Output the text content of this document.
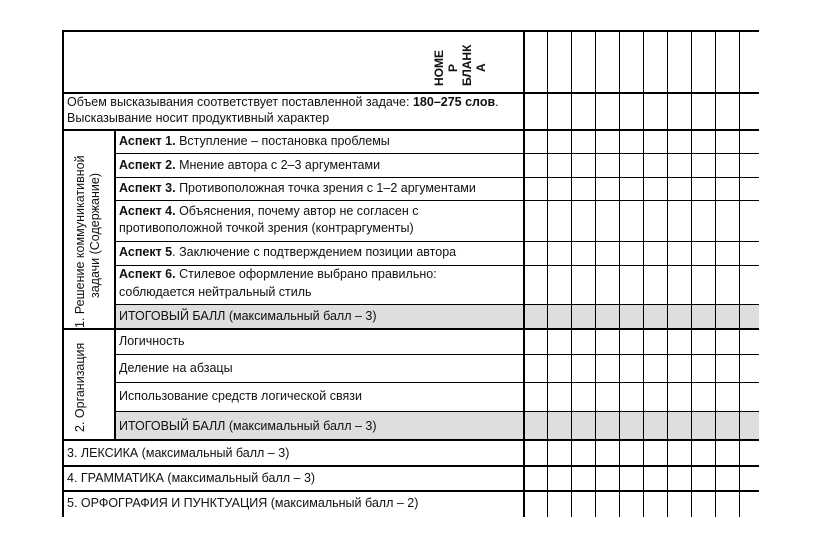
НОМЕ Р БЛАНК А
Объем высказывания соответствует поставленной задаче: 180–275 слов.
Высказывание носит продуктивный характер
1. Решение коммуникативной задачи (Содержание)
Аспект 1. Вступление – постановка проблемы
Аспект 2. Мнение автора с 2–3 аргументами
Аспект 3. Противоположная точка зрения с 1–2 аргументами
Аспект 4. Объяснения, почему автор не согласен с
противоположной точкой зрения (контраргументы)
Аспект 5. Заключение с подтверждением позиции автора
Аспект 6. Стилевое оформление выбрано правильно:
соблюдается нейтральный стиль
ИТОГОВЫЙ БАЛЛ (максимальный балл – 3)
2. Организация
Логичность
Деление на абзацы
Использование средств логической связи
ИТОГОВЫЙ БАЛЛ (максимальный балл – 3)
3. ЛЕКСИКА (максимальный балл – 3)
4. ГРАММАТИКА (максимальный балл – 3)
5. ОРФОГРАФИЯ И ПУНКТУАЦИЯ (максимальный балл – 2)
